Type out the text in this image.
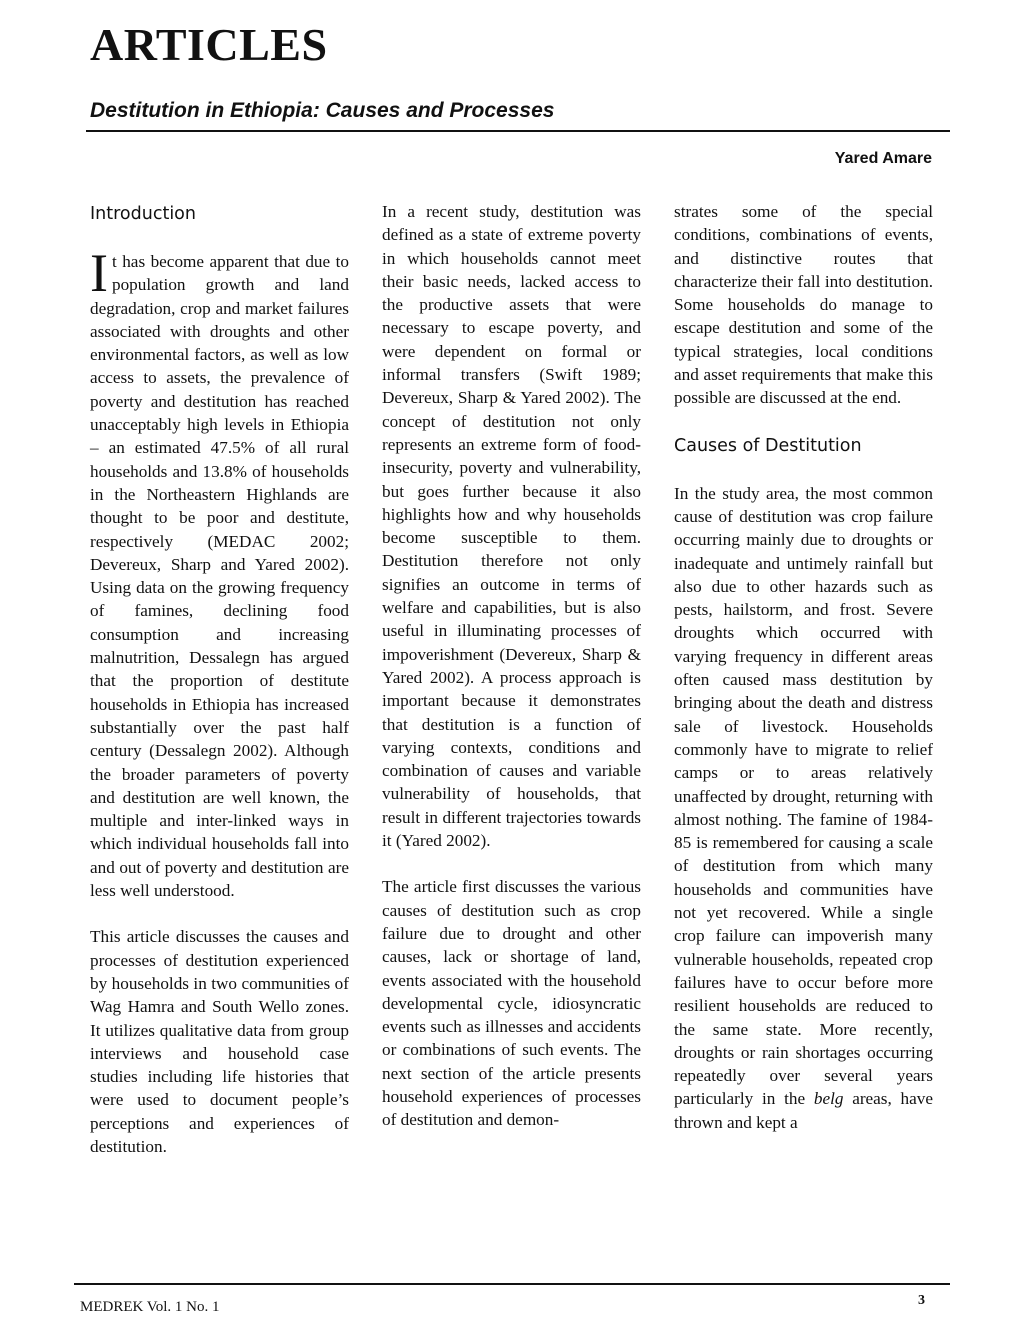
ARTICLES
Destitution in Ethiopia: Causes and Processes
Yared Amare
Introduction

It has become apparent that due to population growth and land degradation, crop and market failures associated with droughts and other environmental factors, as well as low access to assets, the prevalence of poverty and destitution has reached unacceptably high levels in Ethiopia – an estimated 47.5% of all rural households and 13.8% of households in the Northeastern Highlands are thought to be poor and destitute, respectively (MEDAC 2002; Devereux, Sharp and Yared 2002). Using data on the growing frequency of famines, declining food consumption and increasing malnutrition, Dessalegn has argued that the proportion of destitute households in Ethiopia has increased substantially over the past half century (Dessalegn 2002). Although the broader parameters of poverty and destitution are well known, the multiple and inter-linked ways in which individual households fall into and out of poverty and destitution are less well understood.

This article discusses the causes and processes of destitution experienced by households in two communities of Wag Hamra and South Wello zones. It utilizes qualitative data from group interviews and household case studies including life histories that were used to document people’s perceptions and experiences of destitution.

In a recent study, destitution was defined as a state of extreme poverty in which households cannot meet their basic needs, lacked access to the productive assets that were necessary to escape poverty, and were dependent on formal or informal transfers (Swift 1989; Devereux, Sharp & Yared 2002). The concept of destitution not only represents an extreme form of food-insecurity, poverty and vulnerability, but goes further because it also highlights how and why households become susceptible to them. Destitution therefore not only signifies an outcome in terms of welfare and capabilities, but is also useful in illuminating processes of impoverishment (Devereux, Sharp & Yared 2002). A process approach is important because it demonstrates that destitution is a function of varying contexts, conditions and combination of causes and variable vulnerability of households, that result in different trajectories towards it (Yared 2002).

The article first discusses the various causes of destitution such as crop failure due to drought and other causes, lack or shortage of land, events associated with the household developmental cycle, idiosyncratic events such as illnesses and accidents or combinations of such events. The next section of the article presents household experiences of processes of destitution and demon-

strates some of the special conditions, combinations of events, and distinctive routes that characterize their fall into destitution. Some households do manage to escape destitution and some of the typical strategies, local conditions and asset requirements that make this possible are discussed at the end.

Causes of Destitution

In the study area, the most common cause of destitution was crop failure occurring mainly due to droughts or inadequate and untimely rainfall but also due to other hazards such as pests, hailstorm, and frost. Severe droughts which occurred with varying frequency in different areas often caused mass destitution by bringing about the death and distress sale of livestock. Households commonly have to migrate to relief camps or to areas relatively unaffected by drought, returning with almost nothing. The famine of 1984-85 is remembered for causing a scale of destitution from which many households and communities have not yet recovered. While a single crop failure can impoverish many vulnerable households, repeated crop failures have to occur before more resilient households are reduced to the same state. More recently, droughts or rain shortages occurring repeatedly over several years particularly in the belg areas, have thrown and kept a

MEDREK Vol. 1 No. 1	3
